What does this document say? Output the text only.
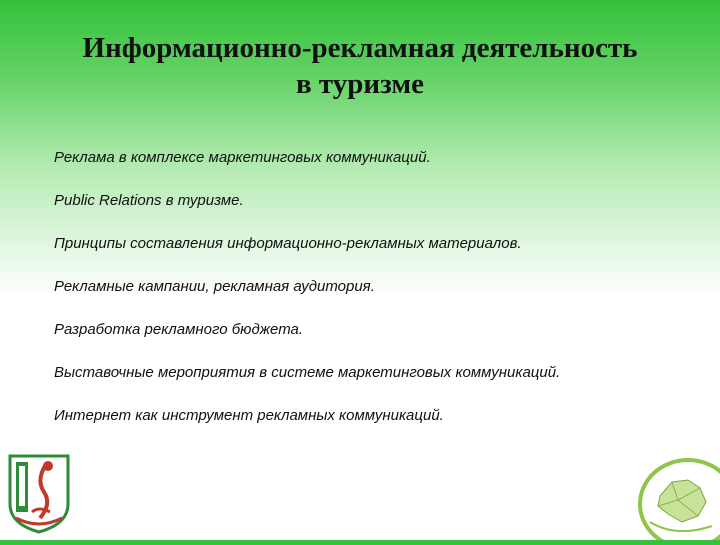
Информационно-рекламная деятельность
в туризме
Реклама в комплексе маркетинговых коммуникаций.
Public Relations в туризме.
Принципы составления информационно-рекламных материалов.
Рекламные кампании, рекламная аудитория.
Разработка рекламного бюджета.
Выставочные мероприятия в системе маркетинговых коммуникаций.
Интернет как инструмент рекламных коммуникаций.
